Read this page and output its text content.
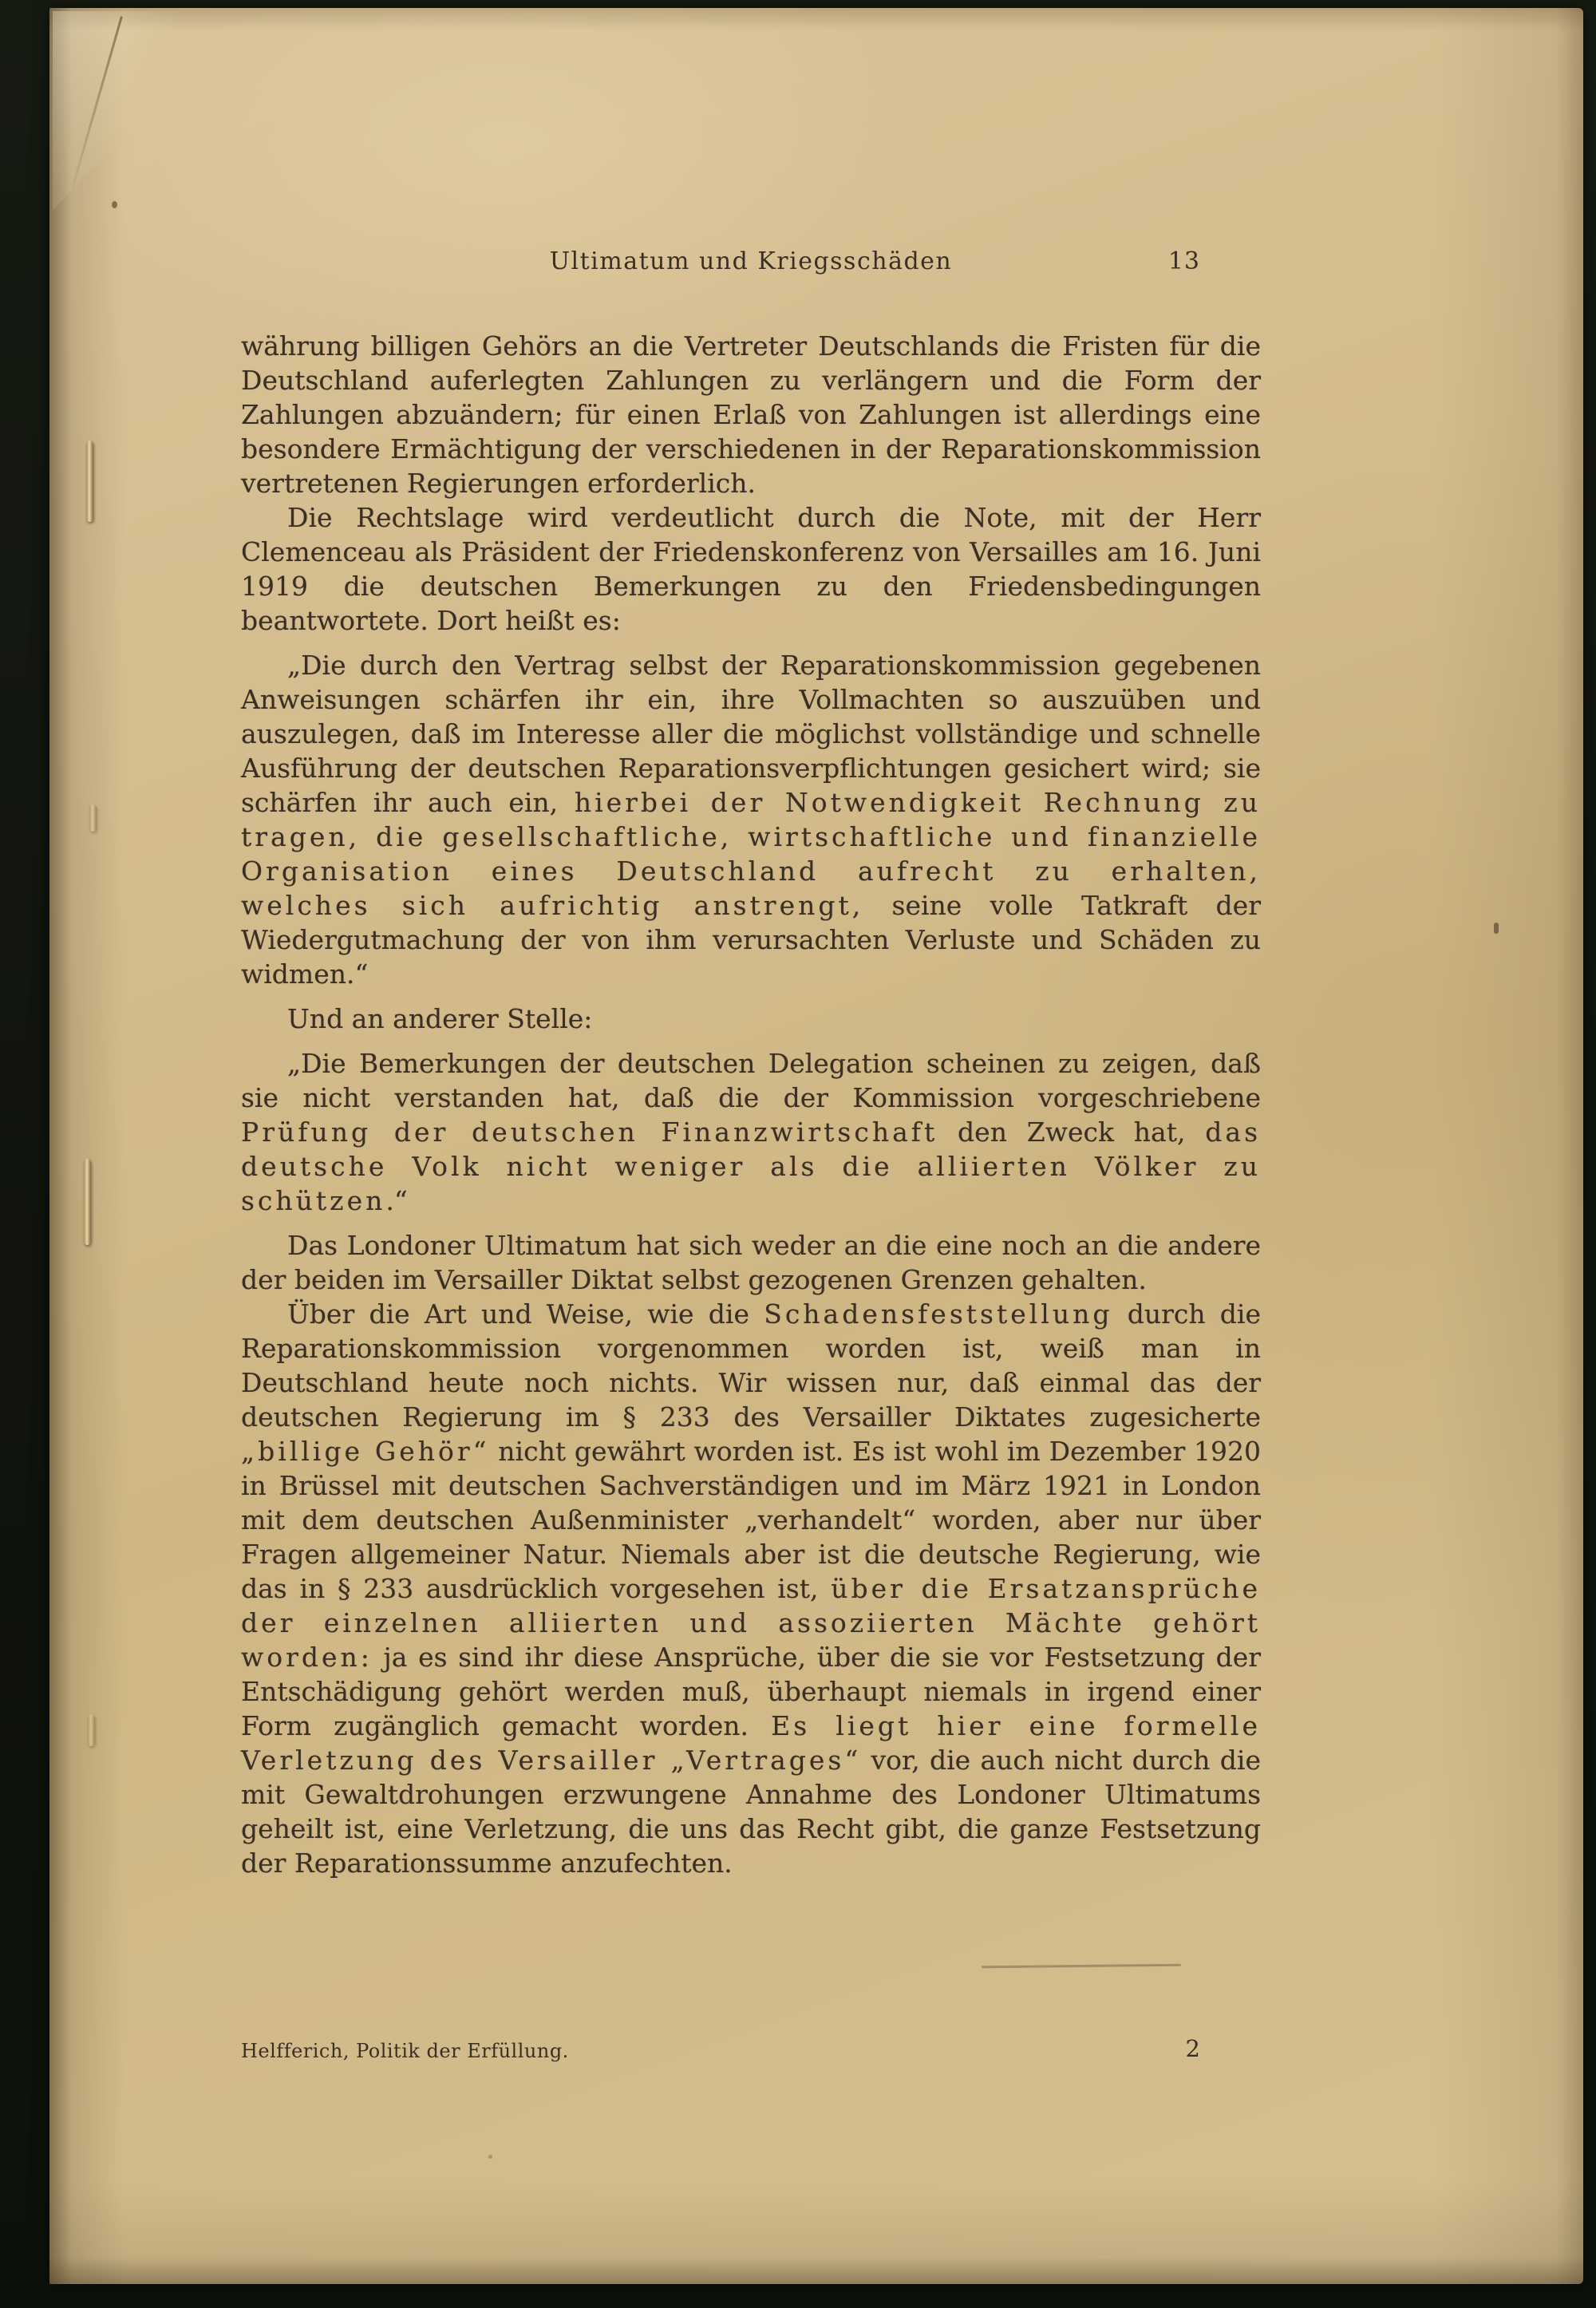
Ultimatum und Kriegsschäden	13

währung billigen Gehörs an die Vertreter Deutschlands die Fristen für die Deutschland auferlegten Zahlungen zu verlängern und die Form der Zahlungen abzuändern; für einen Erlaß von Zahlungen ist allerdings eine besondere Ermächtigung der verschiedenen in der Reparationskommission vertretenen Regierungen erforderlich.

Die Rechtslage wird verdeutlicht durch die Note, mit der Herr Clemenceau als Präsident der Friedenskonferenz von Versailles am 16. Juni 1919 die deutschen Bemerkungen zu den Friedensbedingungen beantwortete. Dort heißt es:

„Die durch den Vertrag selbst der Reparationskommission gegebenen Anweisungen schärfen ihr ein, ihre Vollmachten so auszuüben und auszulegen, daß im Interesse aller die möglichst vollständige und schnelle Ausführung der deutschen Reparationsverpflichtungen gesichert wird; sie schärfen ihr auch ein, hierbei der Notwendigkeit Rechnung zu tragen, die gesellschaftliche, wirtschaftliche und finanzielle Organisation eines Deutschland aufrecht zu erhalten, welches sich aufrichtig anstrengt, seine volle Tatkraft der Wiedergutmachung der von ihm verursachten Verluste und Schäden zu widmen.“

Und an anderer Stelle:

„Die Bemerkungen der deutschen Delegation scheinen zu zeigen, daß sie nicht verstanden hat, daß die der Kommission vorgeschriebene Prüfung der deutschen Finanzwirtschaft den Zweck hat, das deutsche Volk nicht weniger als die alliierten Völker zu schützen.“

Das Londoner Ultimatum hat sich weder an die eine noch an die andere der beiden im Versailler Diktat selbst gezogenen Grenzen gehalten.

Über die Art und Weise, wie die Schadensfeststellung durch die Reparationskommission vorgenommen worden ist, weiß man in Deutschland heute noch nichts. Wir wissen nur, daß einmal das der deutschen Regierung im § 233 des Versailler Diktates zugesicherte „billige Gehör“ nicht gewährt worden ist. Es ist wohl im Dezember 1920 in Brüssel mit deutschen Sachverständigen und im März 1921 in London mit dem deutschen Außenminister „verhandelt“ worden, aber nur über Fragen allgemeiner Natur. Niemals aber ist die deutsche Regierung, wie das in § 233 ausdrücklich vorgesehen ist, über die Ersatzansprüche der einzelnen alliierten und assoziierten Mächte gehört worden: ja es sind ihr diese Ansprüche, über die sie vor Festsetzung der Entschädigung gehört werden muß, überhaupt niemals in irgend einer Form zugänglich gemacht worden. Es liegt hier eine formelle Verletzung des Versailler „Vertrages“ vor, die auch nicht durch die mit Gewaltdrohungen erzwungene Annahme des Londoner Ultimatums geheilt ist, eine Verletzung, die uns das Recht gibt, die ganze Festsetzung der Reparationssumme anzufechten.

Helfferich, Politik der Erfüllung.	2
